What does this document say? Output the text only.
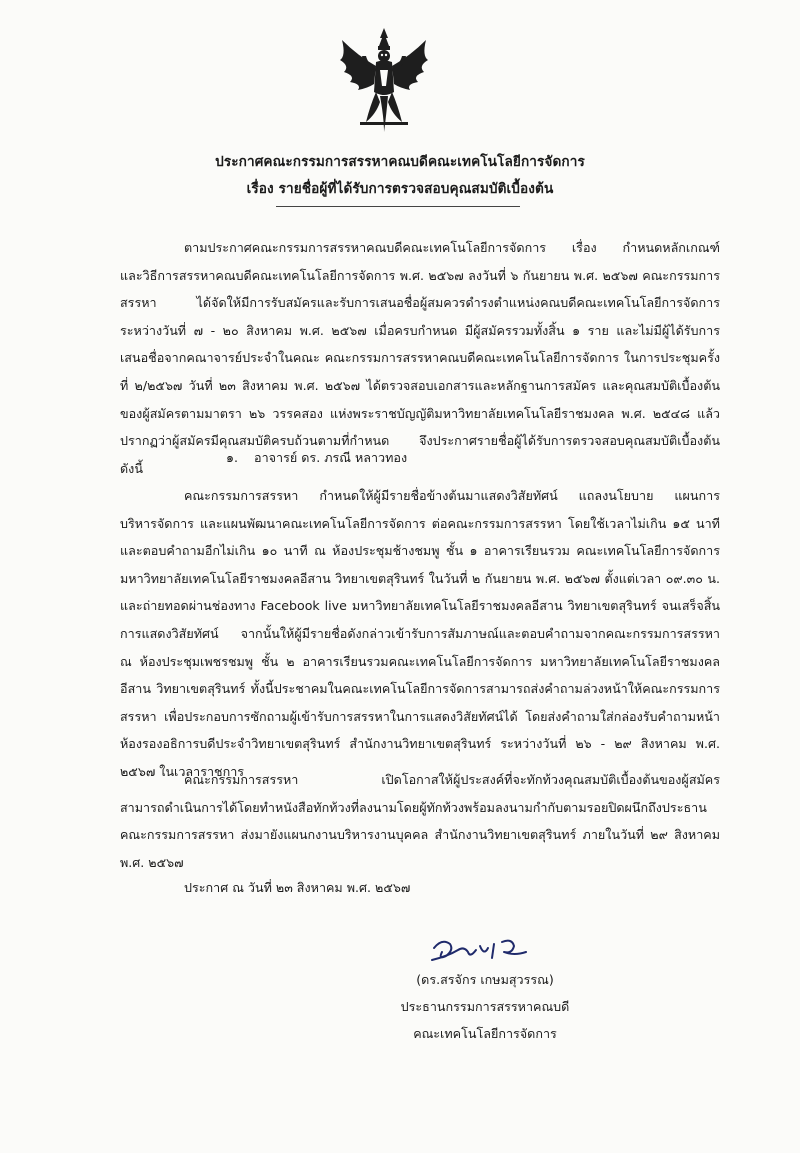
ประกาศคณะกรรมการสรรหาคณบดีคณะเทคโนโลยีการจัดการ
เรื่อง รายชื่อผู้ที่ได้รับการตรวจสอบคุณสมบัติเบื้องต้น
ตามประกาศคณะกรรมการสรรหาคณบดีคณะเทคโนโลยีการจัดการ เรื่อง กำหนดหลักเกณฑ์
และวิธีการสรรหาคณบดีคณะเทคโนโลยีการจัดการ พ.ศ. ๒๕๖๗ ลงวันที่ ๖ กันยายน พ.ศ. ๒๕๖๗ คณะกรรมการ
สรรหา ได้จัดให้มีการรับสมัครและรับการเสนอชื่อผู้สมควรดำรงตำแหน่งคณบดีคณะเทคโนโลยีการจัดการ
ระหว่างวันที่ ๗ - ๒๐ สิงหาคม พ.ศ. ๒๕๖๗ เมื่อครบกำหนด มีผู้สมัครรวมทั้งสิ้น ๑ ราย และไม่มีผู้ได้รับการ
เสนอชื่อจากคณาจารย์ประจำในคณะ คณะกรรมการสรรหาคณบดีคณะเทคโนโลยีการจัดการ ในการประชุมครั้ง
ที่ ๒/๒๕๖๗ วันที่ ๒๓ สิงหาคม พ.ศ. ๒๕๖๗ ได้ตรวจสอบเอกสารและหลักฐานการสมัคร และคุณสมบัติเบื้องต้น
ของผู้สมัครตามมาตรา ๒๖ วรรคสอง แห่งพระราชบัญญัติมหาวิทยาลัยเทคโนโลยีราชมงคล พ.ศ. ๒๕๔๘ แล้ว
ปรากฏว่าผู้สมัครมีคุณสมบัติครบถ้วนตามที่กำหนด จึงประกาศรายชื่อผู้ได้รับการตรวจสอบคุณสมบัติเบื้องต้น
ดังนี้
๑. อาจารย์ ดร. ภรณี หลาวทอง
คณะกรรมการสรรหา กำหนดให้ผู้มีรายชื่อข้างต้นมาแสดงวิสัยทัศน์ แถลงนโยบาย แผนการ
บริหารจัดการ และแผนพัฒนาคณะเทคโนโลยีการจัดการ ต่อคณะกรรมการสรรหา โดยใช้เวลาไม่เกิน ๑๕ นาที
และตอบคำถามอีกไม่เกิน ๑๐ นาที ณ ห้องประชุมช้างชมพู ชั้น ๑ อาคารเรียนรวม คณะเทคโนโลยีการจัดการ
มหาวิทยาลัยเทคโนโลยีราชมงคลอีสาน วิทยาเขตสุรินทร์ ในวันที่ ๒ กันยายน พ.ศ. ๒๕๖๗ ตั้งแต่เวลา ๐๙.๓๐ น.
และถ่ายทอดผ่านช่องทาง Facebook live มหาวิทยาลัยเทคโนโลยีราชมงคลอีสาน วิทยาเขตสุรินทร์ จนเสร็จสิ้น
การแสดงวิสัยทัศน์ จากนั้นให้ผู้มีรายชื่อดังกล่าวเข้ารับการสัมภาษณ์และตอบคำถามจากคณะกรรมการสรรหา
ณ ห้องประชุมเพชรชมพู ชั้น ๒ อาคารเรียนรวมคณะเทคโนโลยีการจัดการ มหาวิทยาลัยเทคโนโลยีราชมงคล
อีสาน วิทยาเขตสุรินทร์ ทั้งนี้ประชาคมในคณะเทคโนโลยีการจัดการสามารถส่งคำถามล่วงหน้าให้คณะกรรมการ
สรรหา เพื่อประกอบการซักถามผู้เข้ารับการสรรหาในการแสดงวิสัยทัศน์ได้ โดยส่งคำถามใส่กล่องรับคำถามหน้า
ห้องรองอธิการบดีประจำวิทยาเขตสุรินทร์ สำนักงานวิทยาเขตสุรินทร์ ระหว่างวันที่ ๒๖ - ๒๙ สิงหาคม พ.ศ.
๒๕๖๗ ในเวลาราชการ
คณะกรรมการสรรหา เปิดโอกาสให้ผู้ประสงค์ที่จะทักท้วงคุณสมบัติเบื้องต้นของผู้สมัคร
สามารถดำเนินการได้โดยทำหนังสือทักท้วงที่ลงนามโดยผู้ทักท้วงพร้อมลงนามกำกับตามรอยปิดผนึกถึงประธาน
คณะกรรมการสรรหา ส่งมายังแผนกงานบริหารงานบุคคล สำนักงานวิทยาเขตสุรินทร์ ภายในวันที่ ๒๙ สิงหาคม
พ.ศ. ๒๕๖๗
ประกาศ ณ วันที่ ๒๓ สิงหาคม พ.ศ. ๒๕๖๗
(ดร.สรจักร เกษมสุวรรณ)
ประธานกรรมการสรรหาคณบดี
คณะเทคโนโลยีการจัดการ
